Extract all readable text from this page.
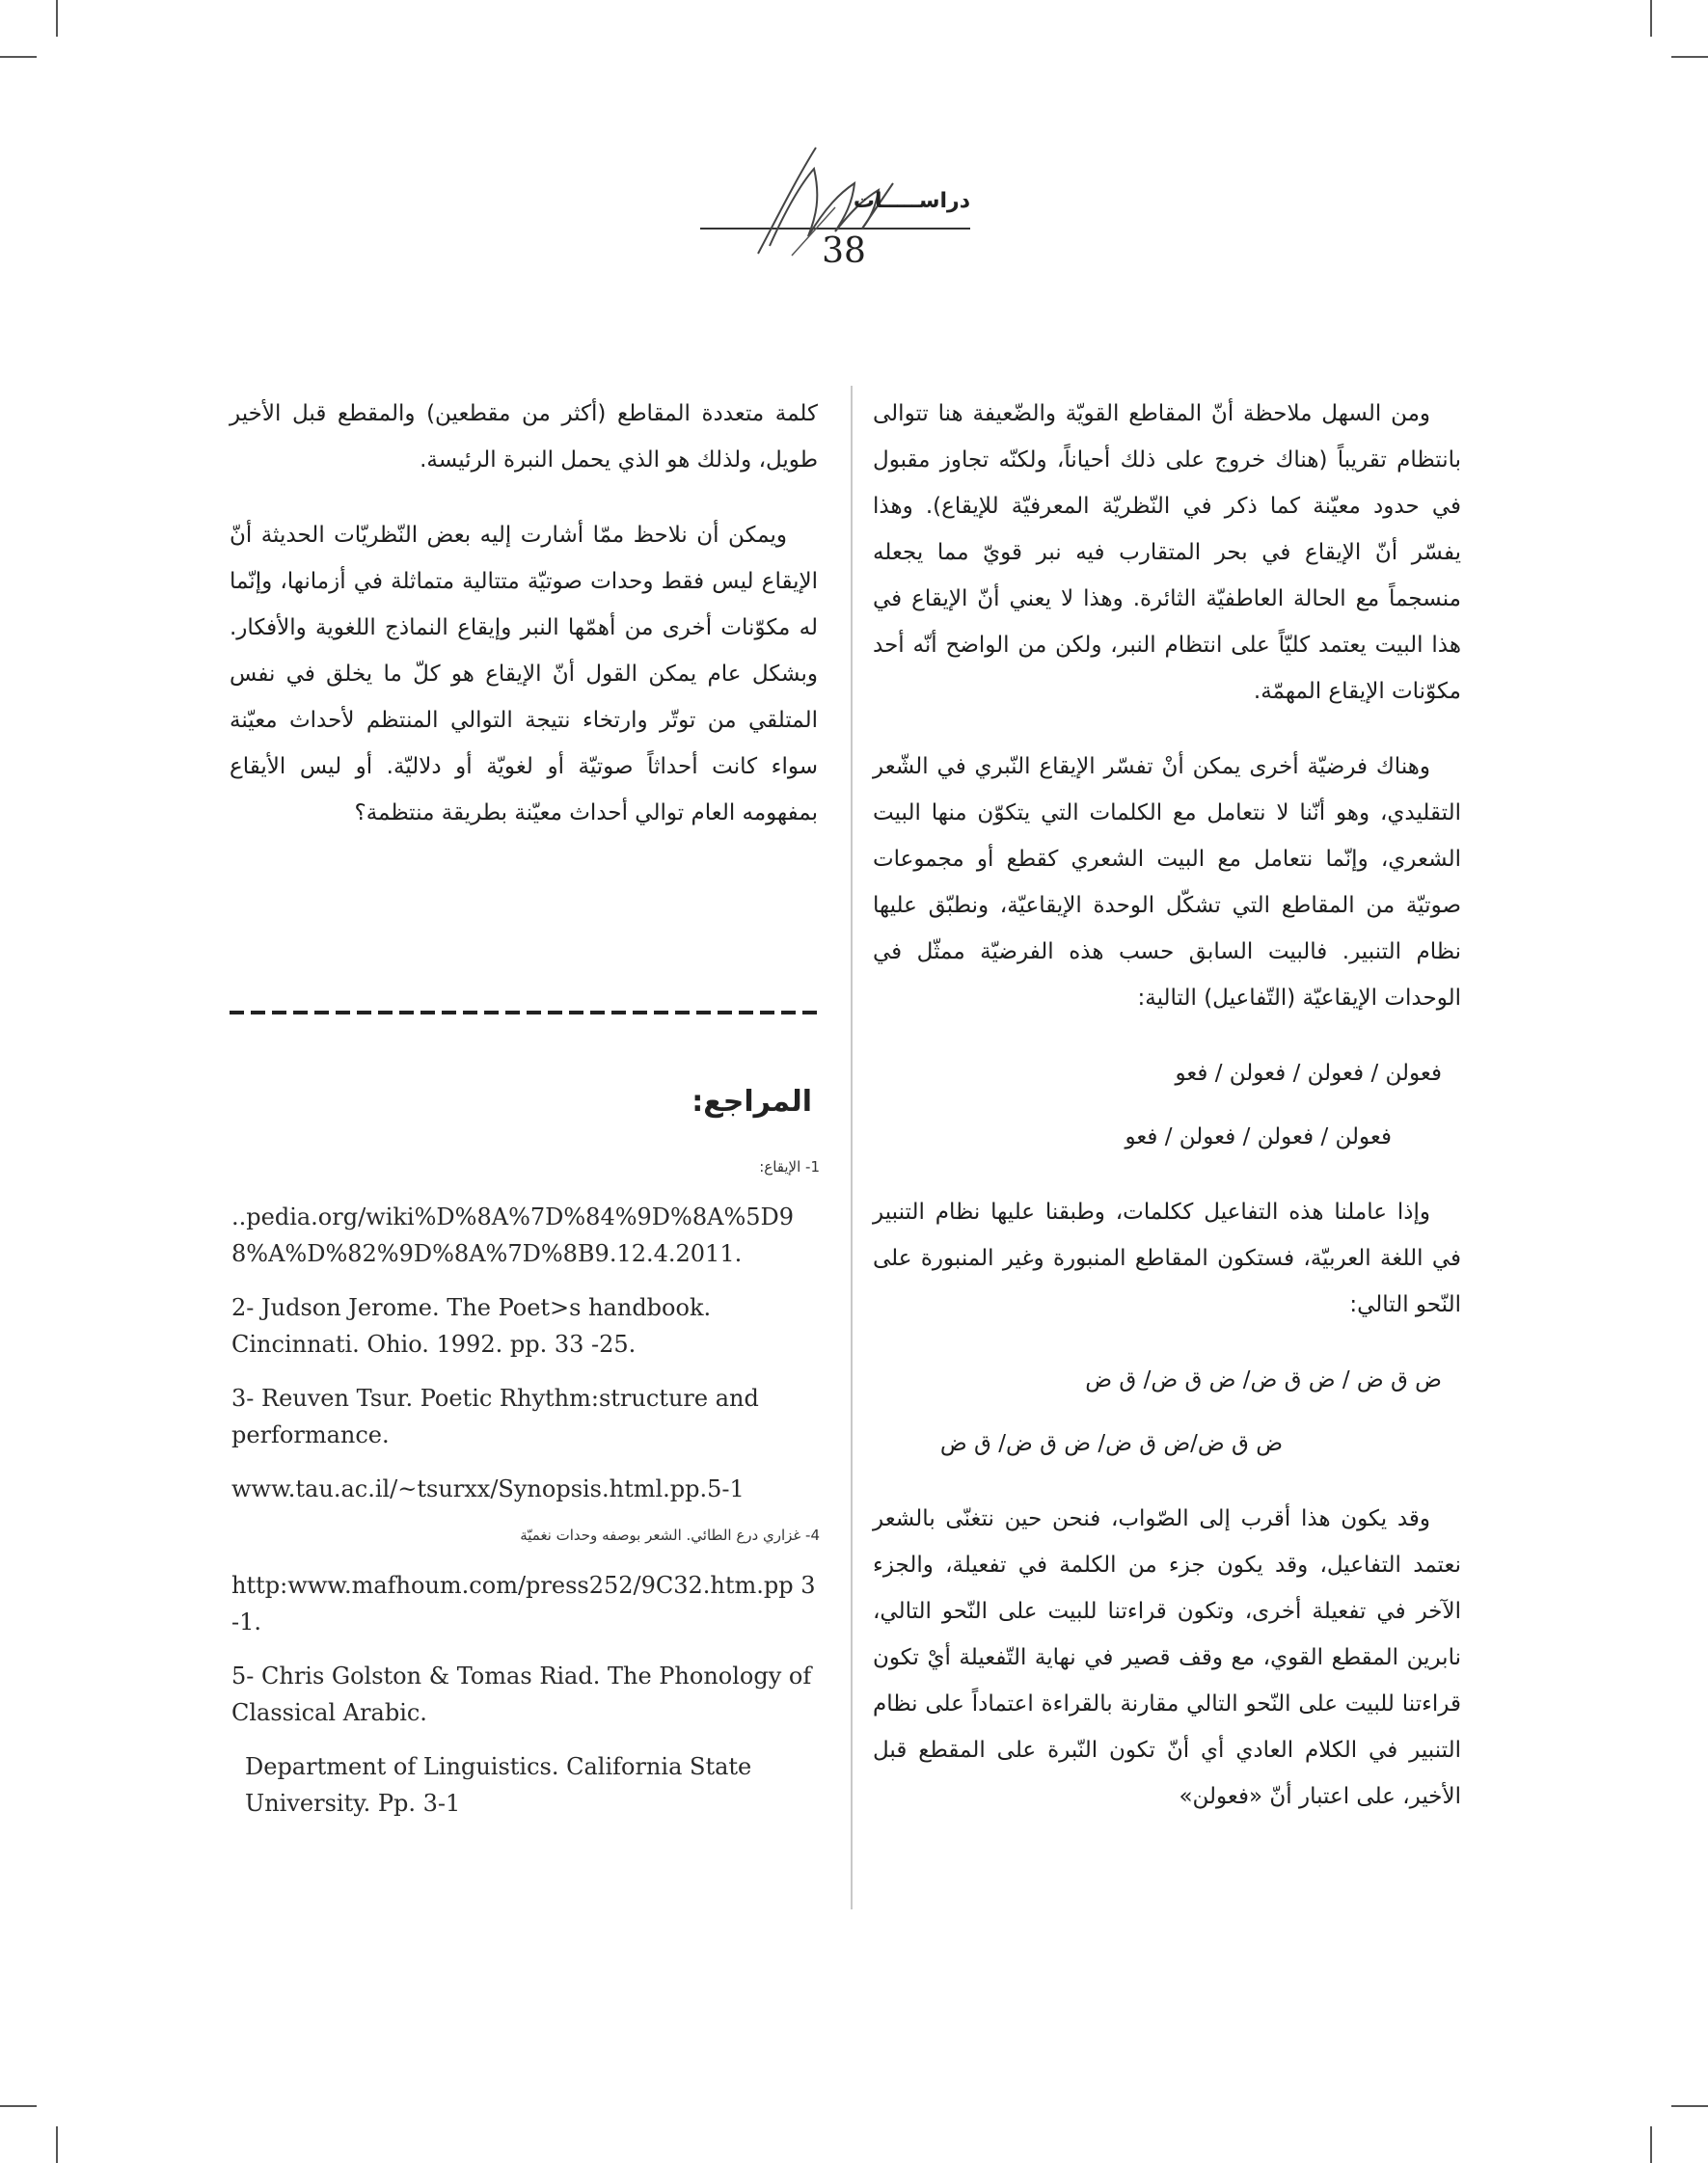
دراســـــات
38

ومن السهل ملاحظة أنّ المقاطع القويّة والضّعيفة هنا تتوالى بانتظام تقريباً (هناك خروج على ذلك أحياناً، ولكنّه تجاوز مقبول في حدود معيّنة كما ذكر في النّظريّة المعرفيّة للإيقاع). وهذا يفسّر أنّ الإيقاع في بحر المتقارب فيه نبر قويّ مما يجعله منسجماً مع الحالة العاطفيّة الثائرة. وهذا لا يعني أنّ الإيقاع في هذا البيت يعتمد كليّاً على انتظام النبر، ولكن من الواضح أنّه أحد مكوّنات الإيقاع المهمّة.

وهناك فرضيّة أخرى يمكن أنْ تفسّر الإيقاع النّبري في الشّعر التقليدي، وهو أنّنا لا نتعامل مع الكلمات التي يتكوّن منها البيت الشعري، وإنّما نتعامل مع البيت الشعري كقطع أو مجموعات صوتيّة من المقاطع التي تشكّل الوحدة الإيقاعيّة، ونطبّق عليها نظام التنبير. فالبيت السابق حسب هذه الفرضيّة ممثّل في الوحدات الإيقاعيّة (التّفاعيل) التالية:

فعولن / فعولن / فعولن / فعو
فعولن / فعولن / فعولن / فعو

وإذا عاملنا هذه التفاعيل ككلمات، وطبقنا عليها نظام التنبير في اللغة العربيّة، فستكون المقاطع المنبورة وغير المنبورة على النّحو التالي:

ض ق ض / ض ق ض/ ض ق ض/ ق ض
ض ق ض/ض ق ض/ ض ق ض/ ق ض

وقد يكون هذا أقرب إلى الصّواب، فنحن حين نتغنّى بالشعر نعتمد التفاعيل، وقد يكون جزء من الكلمة في تفعيلة، والجزء الآخر في تفعيلة أخرى، وتكون قراءتنا للبيت على النّحو التالي، نابرين المقطع القوي، مع وقف قصير في نهاية التّفعيلة أيْ تكون قراءتنا للبيت على النّحو التالي مقارنة بالقراءة اعتماداً على نظام التنبير في الكلام العادي أي أنّ تكون النّبرة على المقطع قبل الأخير، على اعتبار أنّ «فعولن»

كلمة متعددة المقاطع (أكثر من مقطعين) والمقطع قبل الأخير طويل، ولذلك هو الذي يحمل النبرة الرئيسة.

ويمكن أن نلاحظ ممّا أشارت إليه بعض النّظريّات الحديثة أنّ الإيقاع ليس فقط وحدات صوتيّة متتالية متماثلة في أزمانها، وإنّما له مكوّنات أخرى من أهمّها النبر وإيقاع النماذج اللغوية والأفكار. وبشكل عام يمكن القول أنّ الإيقاع هو كلّ ما يخلق في نفس المتلقي من توتّر وارتخاء نتيجة التوالي المنتظم لأحداث معيّنة سواء كانت أحداثاً صوتيّة أو لغويّة أو دلاليّة. أو ليس الأيقاع بمفهومه العام توالي أحداث معيّنة بطريقة منتظمة؟

المراجع:
1- الإيقاع:
..pedia.org/wiki%D%8A%7D%84%9D%8A%5D98%A%D%82%9D%8A%7D%8B9.12.4.2011.
2- Judson Jerome. The Poet>s handbook. Cincinnati. Ohio. 1992. pp. 33 -25.
3- Reuven Tsur. Poetic Rhythm:structure and performance.
www.tau.ac.il/~tsurxx/Synopsis.html.pp.5-1
4- غزاري درع الطائي. الشعر بوصفه وحدات نغميّة
http:www.mafhoum.com/press252/9C32.htm.pp 3-1.
5- Chris Golston & Tomas Riad. The Phonology of Classical Arabic.
Department of Linguistics. California State University. Pp. 3-1
